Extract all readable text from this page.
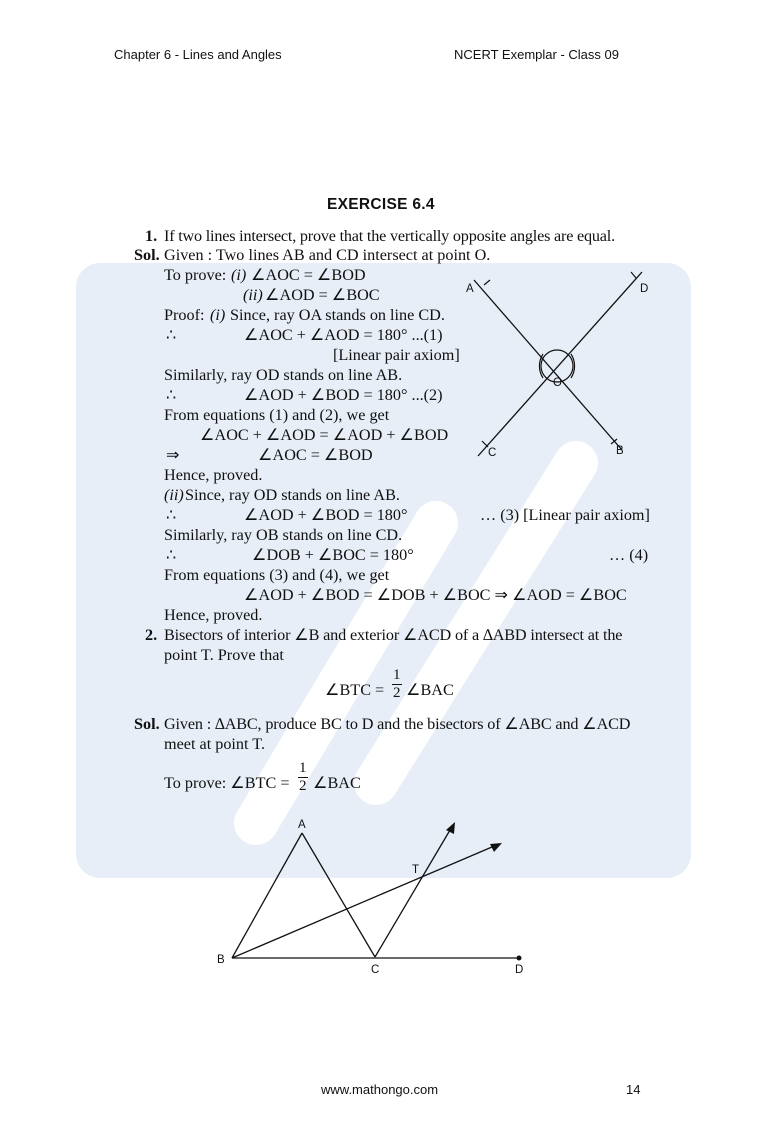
Chapter 6 - Lines and Angles	NCERT Exemplar - Class 09
EXERCISE 6.4
1. If two lines intersect, prove that the vertically opposite angles are equal.
Sol. Given : Two lines AB and CD intersect at point O.
To prove: (i) ∠AOC = ∠BOD
(ii) ∠AOD = ∠BOC
Proof: (i) Since, ray OA stands on line CD.
∴	∠AOC + ∠AOD = 180° ...(1)
[Linear pair axiom]
Similarly, ray OD stands on line AB.
∴	∠AOD + ∠BOD = 180° ...(2)
From equations (1) and (2), we get
∠AOC + ∠AOD = ∠AOD + ∠BOD
⇒	∠AOC = ∠BOD
Hence, proved.
(ii) Since, ray OD stands on line AB.
∴	∠AOD + ∠BOD = 180°	… (3) [Linear pair axiom]
Similarly, ray OB stands on line CD.
∴	∠DOB + ∠BOC = 180°	… (4)
From equations (3) and (4), we get
∠AOD + ∠BOD = ∠DOB + ∠BOC ⇒ ∠AOD = ∠BOC
Hence, proved.
A	D
C	B
O
2. Bisectors of interior ∠B and exterior ∠ACD of a ∆ABD intersect at the
point T. Prove that
∠BTC = $\frac{1}{2}$ ∠BAC
Sol. Given : ∆ABC, produce BC to D and the bisectors of ∠ABC and ∠ACD
meet at point T.
To prove: ∠BTC = $\frac{1}{2}$ ∠BAC
A
B
C	D
T
www.mathongo.com	14
